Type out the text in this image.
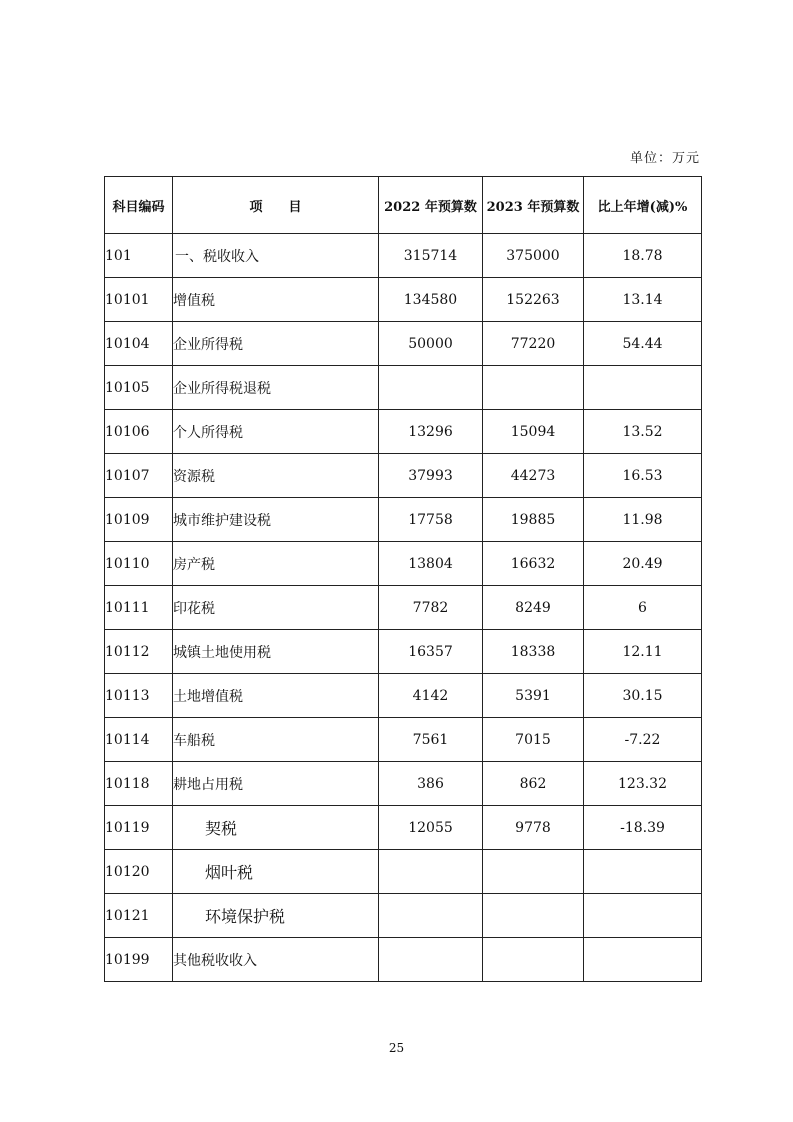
单位：万元
科目编码	项　　目	2022 年预算数	2023 年预算数	比上年增(减)%
101	一、税收收入	315714	375000	18.78
10101	增值税	134580	152263	13.14
10104	企业所得税	50000	77220	54.44
10105	企业所得税退税			
10106	个人所得税	13296	15094	13.52
10107	资源税	37993	44273	16.53
10109	城市维护建设税	17758	19885	11.98
10110	房产税	13804	16632	20.49
10111	印花税	7782	8249	6
10112	城镇土地使用税	16357	18338	12.11
10113	土地增值税	4142	5391	30.15
10114	车船税	7561	7015	-7.22
10118	耕地占用税	386	862	123.32
10119	契税	12055	9778	-18.39
10120	烟叶税			
10121	环境保护税			
10199	其他税收收入			
25
